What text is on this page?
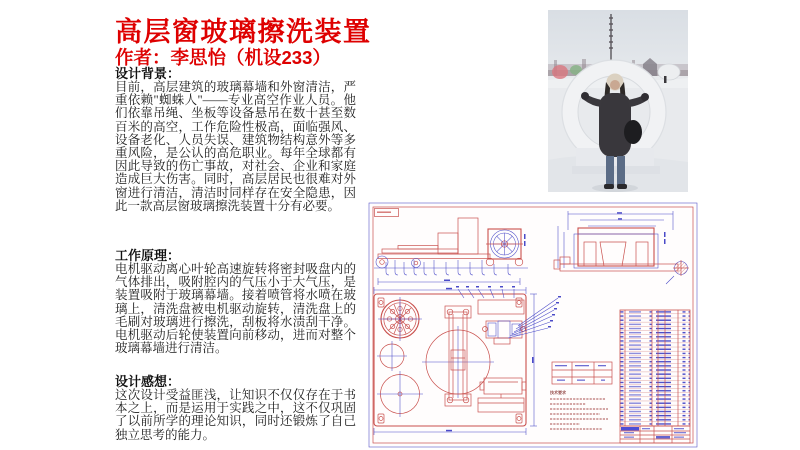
高层窗玻璃擦洗装置
作者：李思怡（机设233）
设计背景：

目前，高层建筑的玻璃幕墙和外窗清洁，严重依赖"蜘蛛人"——专业高空作业人员。他们依靠吊绳、坐板等设备悬吊在数十甚至数百米的高空，工作危险性极高，面临强风、设备老化、人员失误、建筑物结构意外等多重风险，是公认的高危职业。每年全球都有因此导致的伤亡事故，对社会、企业和家庭造成巨大伤害。同时，高层居民也很难对外窗进行清洁，清洁时同样存在安全隐患，因此一款高层窗玻璃擦洗装置十分有必要。

工作原理：

电机驱动离心叶轮高速旋转将密封吸盘内的气体排出，吸附腔内的气压小于大气压，是装置吸附于玻璃幕墙。接着喷管将水喷在玻璃上，清洗盘被电机驱动旋转，清洗盘上的毛刷对玻璃进行擦洗，刮板将水渍刮干净。电机驱动后轮使装置向前移动，进而对整个玻璃幕墙进行清洁。

设计感想：

这次设计受益匪浅，让知识不仅仅存在于书本之上，而是运用于实践之中，这不仅巩固了以前所学的理论知识，同时还锻炼了自己独立思考的能力。

技术要求
